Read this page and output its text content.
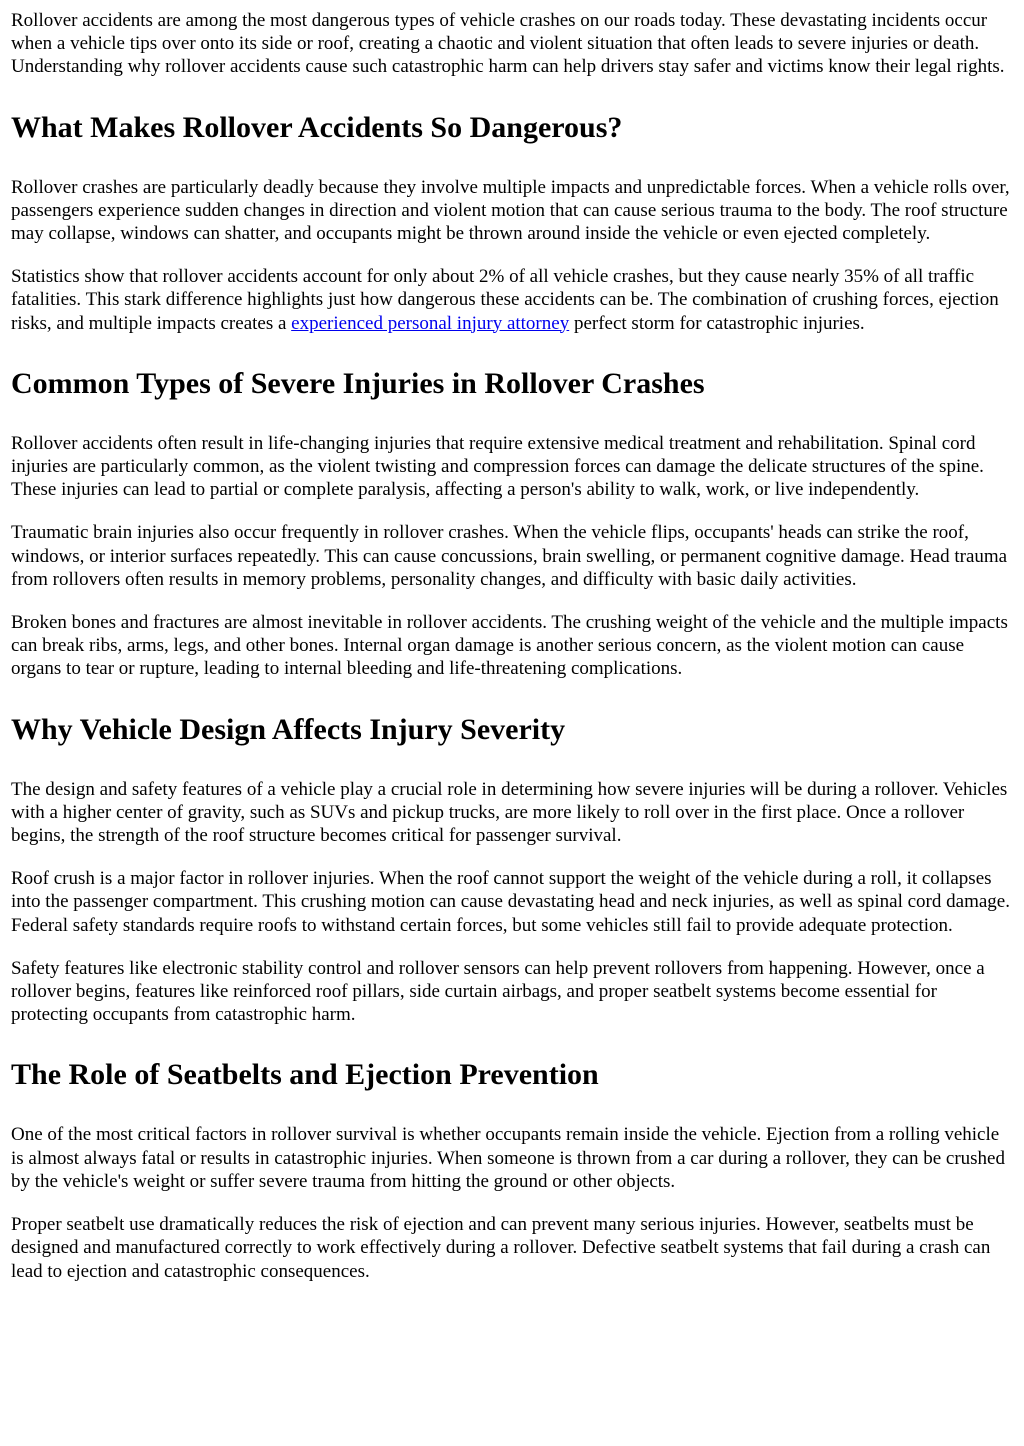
Rollover accidents are among the most dangerous types of vehicle crashes on our roads today. These devastating incidents occur when a vehicle tips over onto its side or roof, creating a chaotic and violent situation that often leads to severe injuries or death. Understanding why rollover accidents cause such catastrophic harm can help drivers stay safer and victims know their legal rights.

What Makes Rollover Accidents So Dangerous?

Rollover crashes are particularly deadly because they involve multiple impacts and unpredictable forces. When a vehicle rolls over, passengers experience sudden changes in direction and violent motion that can cause serious trauma to the body. The roof structure may collapse, windows can shatter, and occupants might be thrown around inside the vehicle or even ejected completely.

Statistics show that rollover accidents account for only about 2% of all vehicle crashes, but they cause nearly 35% of all traffic fatalities. This stark difference highlights just how dangerous these accidents can be. The combination of crushing forces, ejection risks, and multiple impacts creates a experienced personal injury attorney perfect storm for catastrophic injuries.

Common Types of Severe Injuries in Rollover Crashes

Rollover accidents often result in life-changing injuries that require extensive medical treatment and rehabilitation. Spinal cord injuries are particularly common, as the violent twisting and compression forces can damage the delicate structures of the spine. These injuries can lead to partial or complete paralysis, affecting a person's ability to walk, work, or live independently.

Traumatic brain injuries also occur frequently in rollover crashes. When the vehicle flips, occupants' heads can strike the roof, windows, or interior surfaces repeatedly. This can cause concussions, brain swelling, or permanent cognitive damage. Head trauma from rollovers often results in memory problems, personality changes, and difficulty with basic daily activities.

Broken bones and fractures are almost inevitable in rollover accidents. The crushing weight of the vehicle and the multiple impacts can break ribs, arms, legs, and other bones. Internal organ damage is another serious concern, as the violent motion can cause organs to tear or rupture, leading to internal bleeding and life-threatening complications.

Why Vehicle Design Affects Injury Severity

The design and safety features of a vehicle play a crucial role in determining how severe injuries will be during a rollover. Vehicles with a higher center of gravity, such as SUVs and pickup trucks, are more likely to roll over in the first place. Once a rollover begins, the strength of the roof structure becomes critical for passenger survival.

Roof crush is a major factor in rollover injuries. When the roof cannot support the weight of the vehicle during a roll, it collapses into the passenger compartment. This crushing motion can cause devastating head and neck injuries, as well as spinal cord damage. Federal safety standards require roofs to withstand certain forces, but some vehicles still fail to provide adequate protection.

Safety features like electronic stability control and rollover sensors can help prevent rollovers from happening. However, once a rollover begins, features like reinforced roof pillars, side curtain airbags, and proper seatbelt systems become essential for protecting occupants from catastrophic harm.

The Role of Seatbelts and Ejection Prevention

One of the most critical factors in rollover survival is whether occupants remain inside the vehicle. Ejection from a rolling vehicle is almost always fatal or results in catastrophic injuries. When someone is thrown from a car during a rollover, they can be crushed by the vehicle's weight or suffer severe trauma from hitting the ground or other objects.

Proper seatbelt use dramatically reduces the risk of ejection and can prevent many serious injuries. However, seatbelts must be designed and manufactured correctly to work effectively during a rollover. Defective seatbelt systems that fail during a crash can lead to ejection and catastrophic consequences.
